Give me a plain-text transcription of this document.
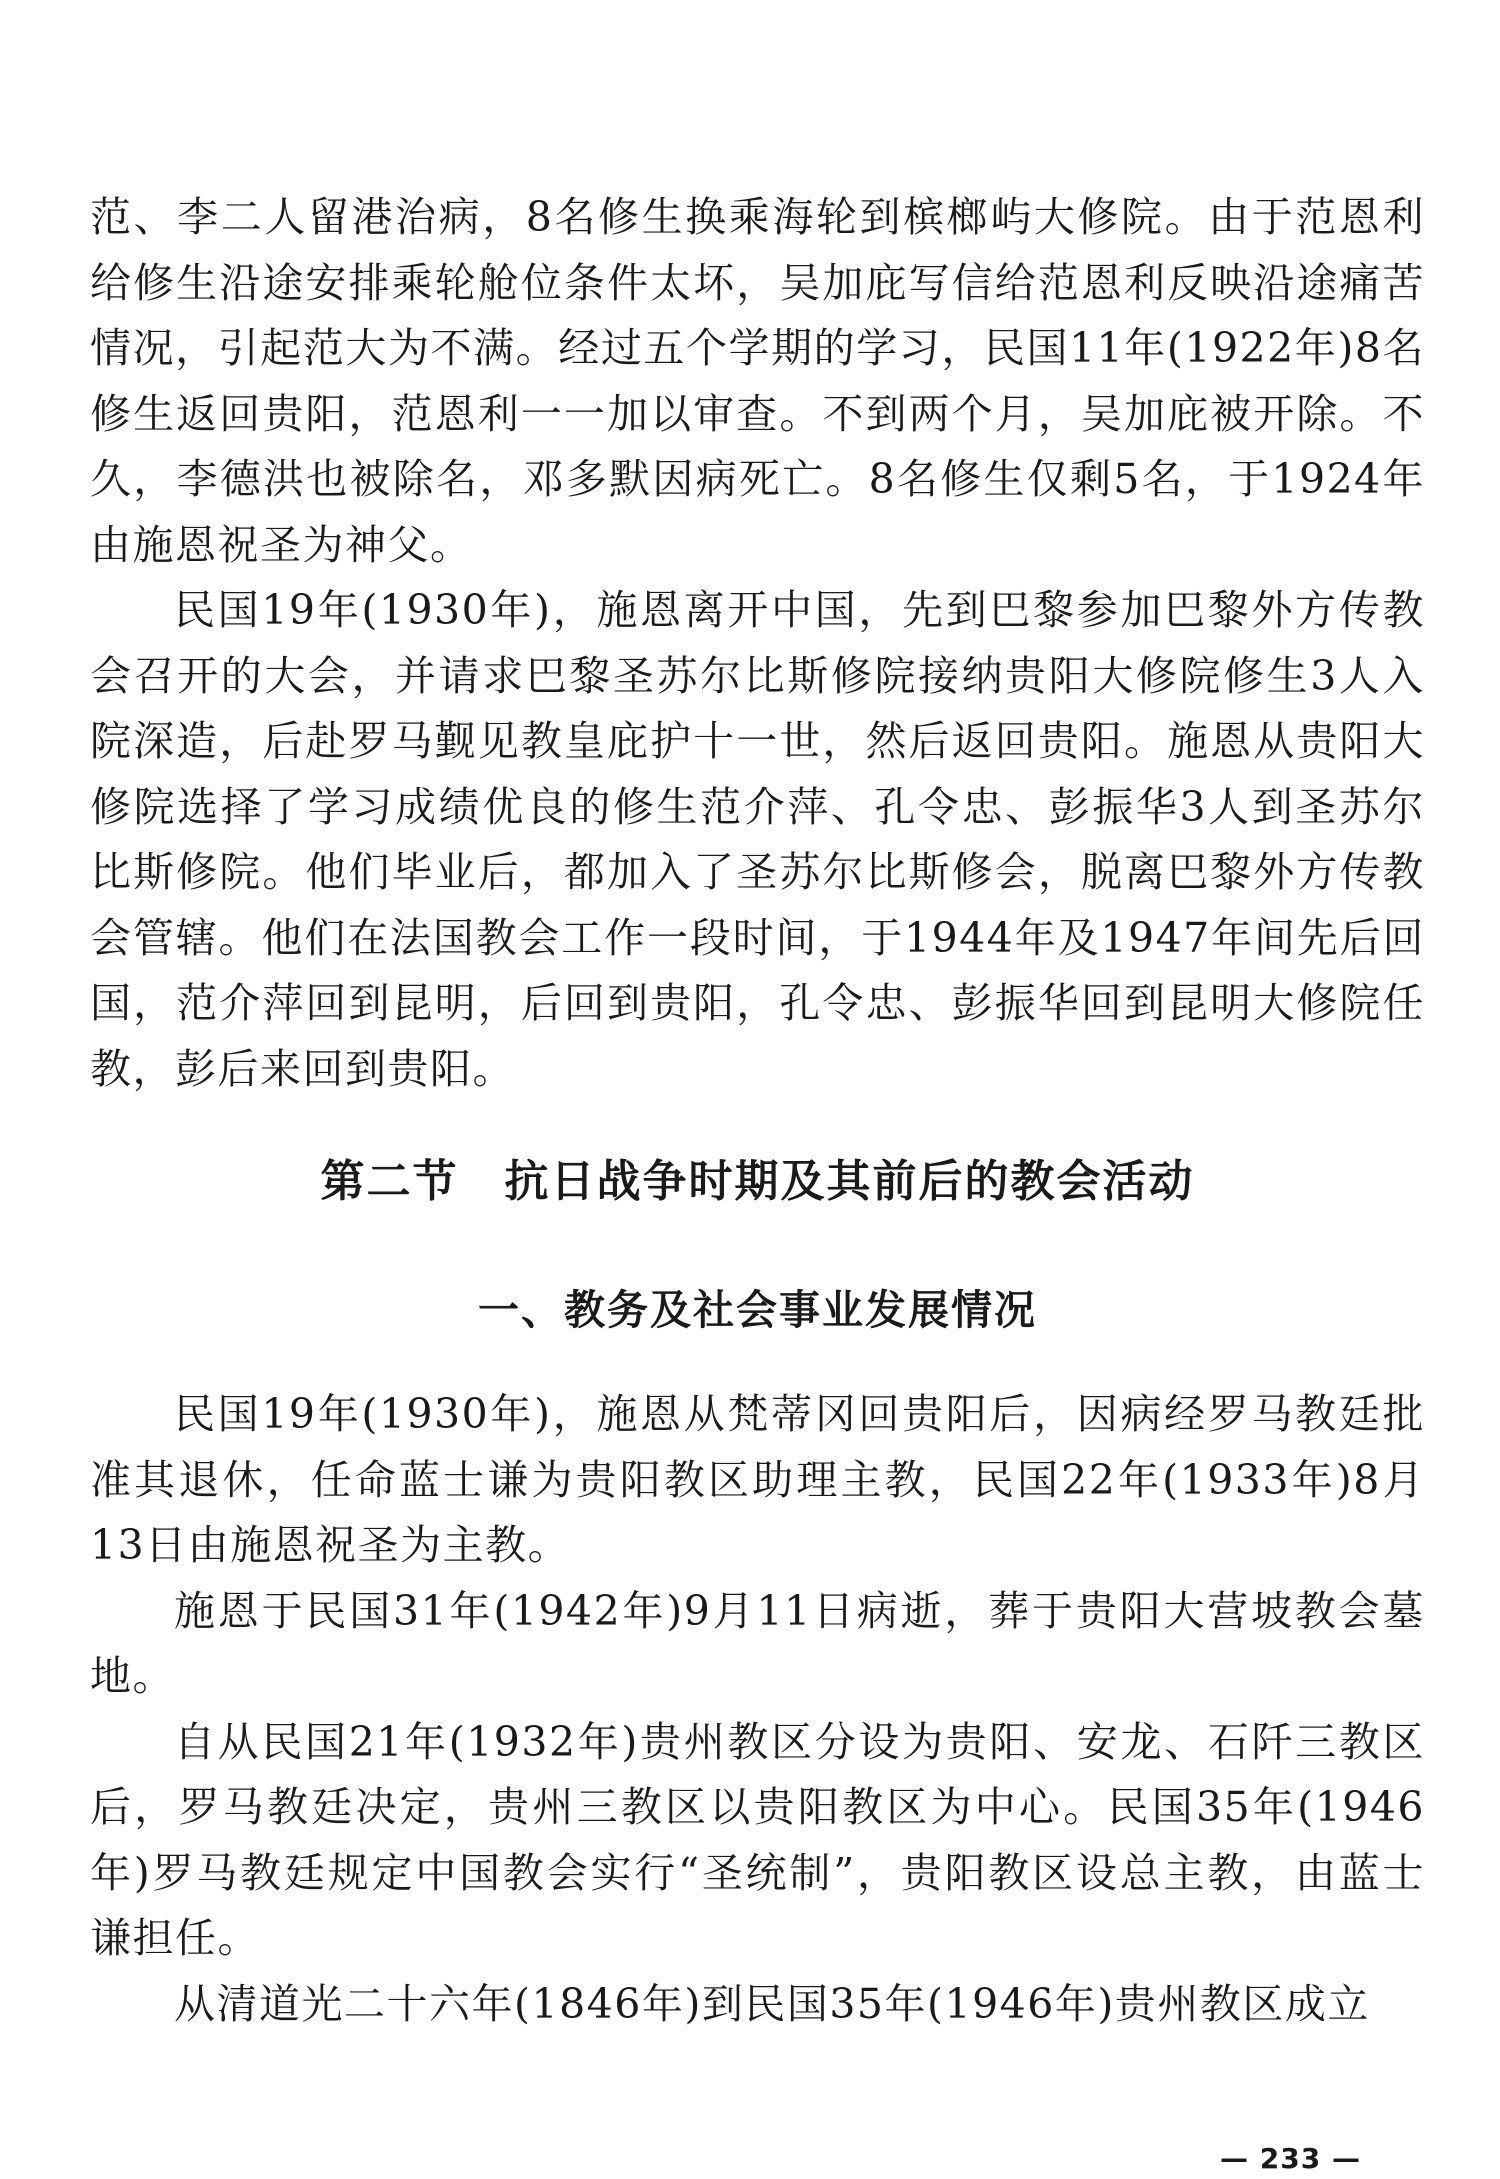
范、李二人留港治病，8名修生换乘海轮到槟榔屿大修院。由于范恩利给修生沿途安排乘轮舱位条件太坏，吴加庇写信给范恩利反映沿途痛苦情况，引起范大为不满。经过五个学期的学习，民国11年(1922年)8名修生返回贵阳，范恩利一一加以审查。不到两个月，吴加庇被开除。不久，李德洪也被除名，邓多默因病死亡。8名修生仅剩5名，于1924年由施恩祝圣为神父。

民国19年(1930年)，施恩离开中国，先到巴黎参加巴黎外方传教会召开的大会，并请求巴黎圣苏尔比斯修院接纳贵阳大修院修生3人入院深造，后赴罗马觐见教皇庇护十一世，然后返回贵阳。施恩从贵阳大修院选择了学习成绩优良的修生范介萍、孔令忠、彭振华3人到圣苏尔比斯修院。他们毕业后，都加入了圣苏尔比斯修会，脱离巴黎外方传教会管辖。他们在法国教会工作一段时间，于1944年及1947年间先后回国，范介萍回到昆明，后回到贵阳，孔令忠、彭振华回到昆明大修院任教，彭后来回到贵阳。

第二节　抗日战争时期及其前后的教会活动
一、教务及社会事业发展情况

民国19年(1930年)，施恩从梵蒂冈回贵阳后，因病经罗马教廷批准其退休，任命蓝士谦为贵阳教区助理主教，民国22年(1933年)8月13日由施恩祝圣为主教。

施恩于民国31年(1942年)9月11日病逝，葬于贵阳大营坡教会墓地。

自从民国21年(1932年)贵州教区分设为贵阳、安龙、石阡三教区后，罗马教廷决定，贵州三教区以贵阳教区为中心。民国35年(1946年)罗马教廷规定中国教会实行“圣统制”，贵阳教区设总主教，由蓝士谦担任。

从清道光二十六年(1846年)到民国35年(1946年)贵州教区成立

— 233 —
